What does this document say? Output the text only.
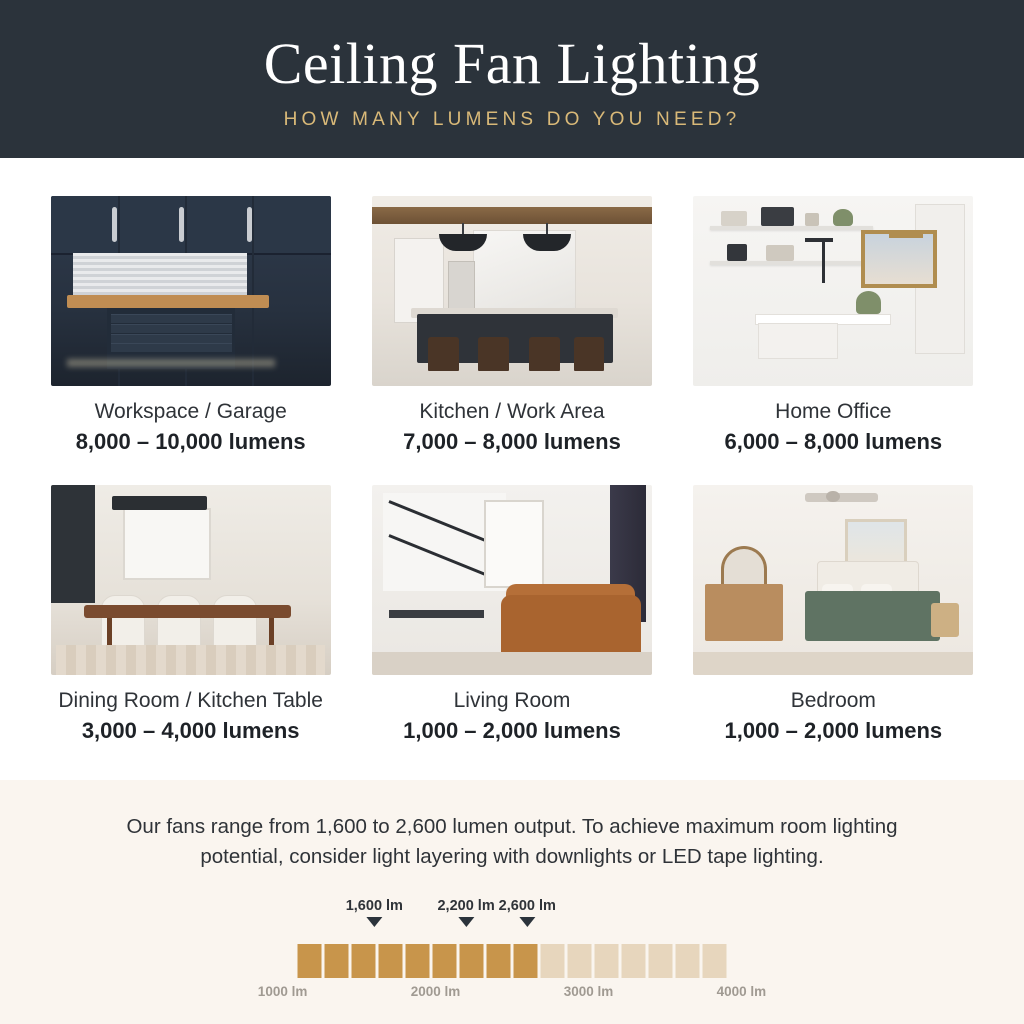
Ceiling Fan Lighting
HOW MANY LUMENS DO YOU NEED?
Workspace / Garage
8,000 – 10,000 lumens
Kitchen / Work Area
7,000 – 8,000 lumens
Home Office
6,000 – 8,000 lumens
Dining Room / Kitchen Table
3,000 – 4,000 lumens
Living Room
1,000 – 2,000 lumens
Bedroom
1,000 – 2,000 lumens
Our fans range from 1,600 to 2,600 lumen output. To achieve maximum room lighting potential, consider light layering with downlights or LED tape lighting.
1,600 lm 2,200 lm 2,600 lm
1000 lm	2000 lm	3000 lm	4000 lm
